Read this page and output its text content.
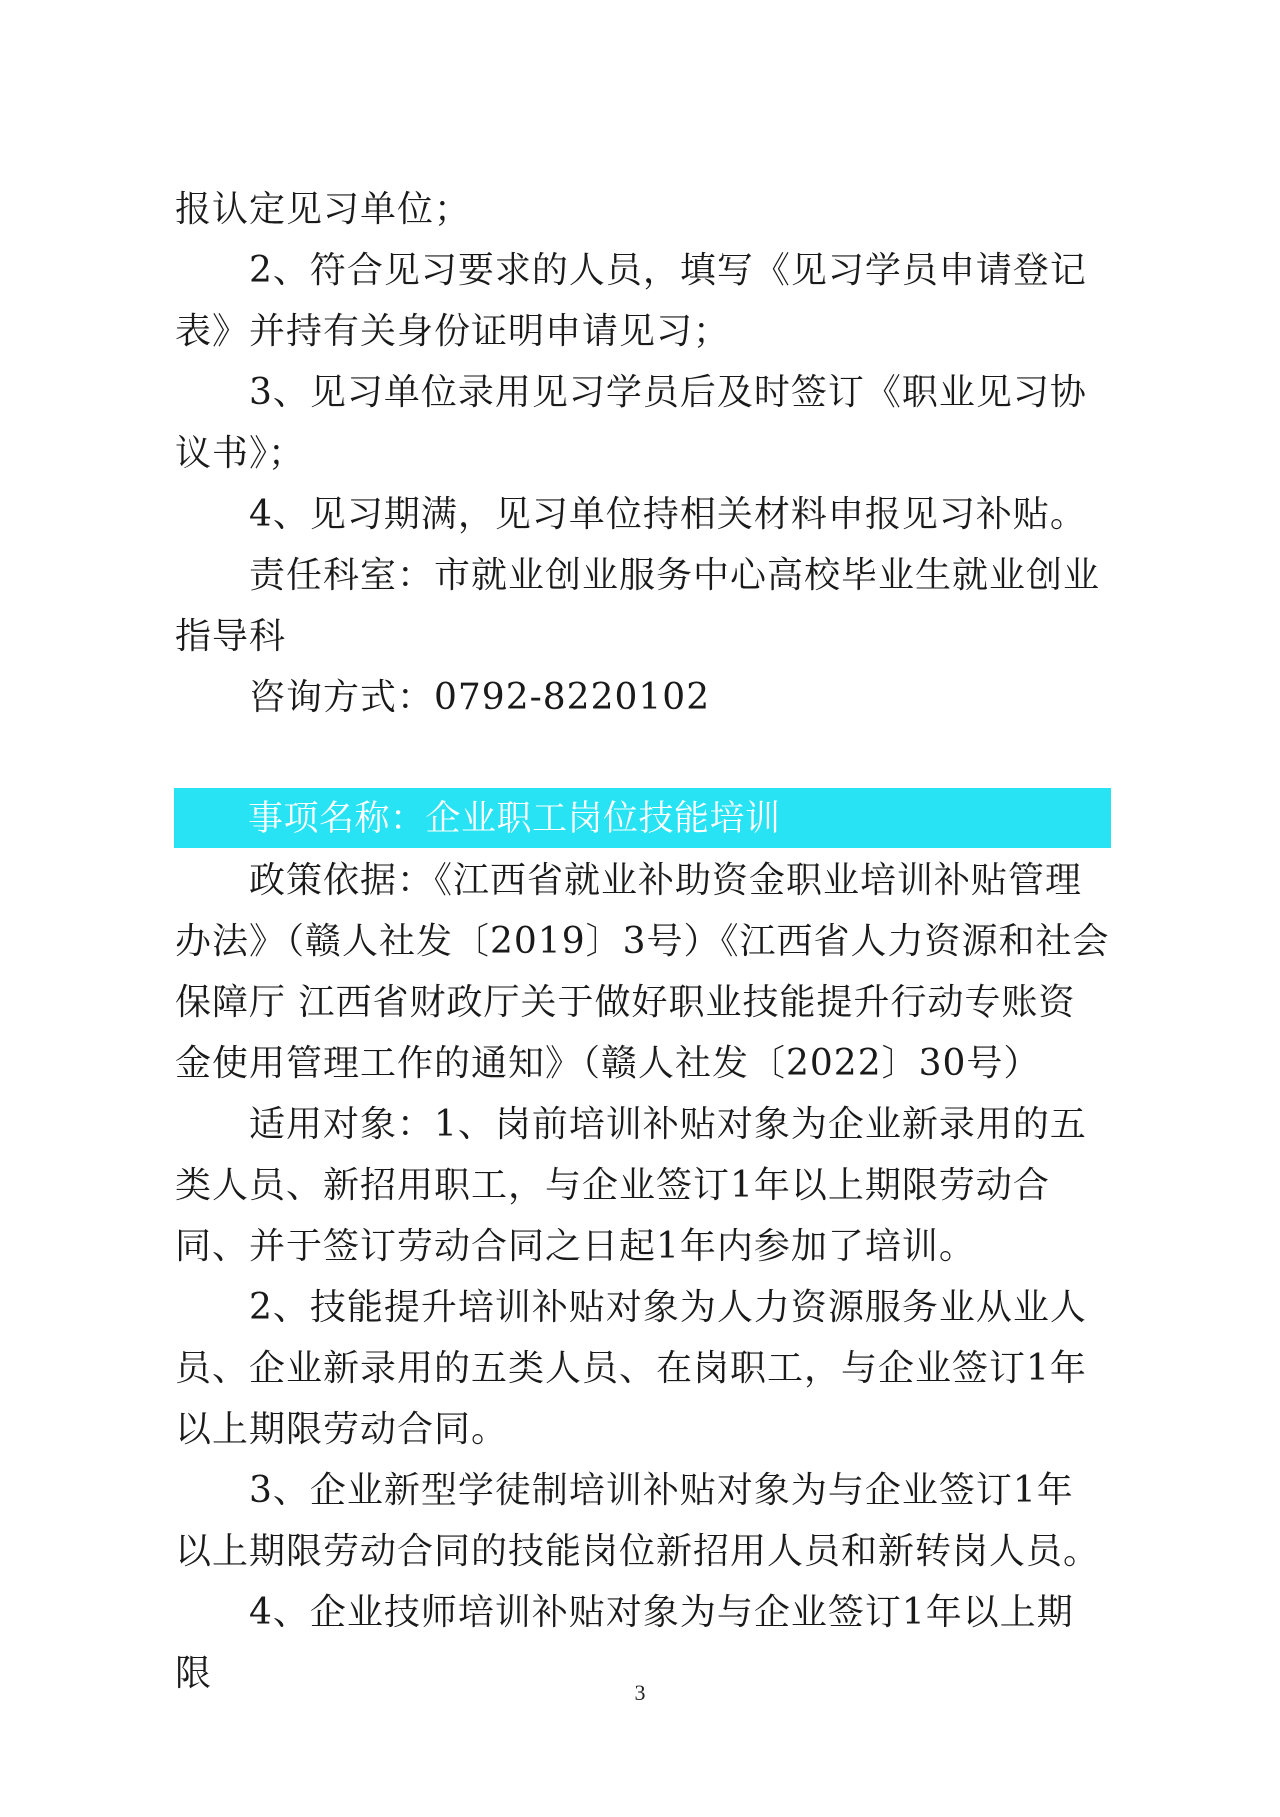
报认定见习单位；

2、符合见习要求的人员，填写《见习学员申请登记表》并持有关身份证明申请见习；

3、见习单位录用见习学员后及时签订《职业见习协议书》；

4、见习期满，见习单位持相关材料申报见习补贴。

责任科室：市就业创业服务中心高校毕业生就业创业指导科

咨询方式：0792-8220102

事项名称：企业职工岗位技能培训

政策依据：《江西省就业补助资金职业培训补贴管理办法》（赣人社发〔2019〕3号）《江西省人力资源和社会保障厅 江西省财政厅关于做好职业技能提升行动专账资金使用管理工作的通知》（赣人社发〔2022〕30号）

适用对象：1、岗前培训补贴对象为企业新录用的五类人员、新招用职工，与企业签订1年以上期限劳动合同、并于签订劳动合同之日起1年内参加了培训。

2、技能提升培训补贴对象为人力资源服务业从业人员、企业新录用的五类人员、在岗职工，与企业签订1年以上期限劳动合同。

3、企业新型学徒制培训补贴对象为与企业签订1年以上期限劳动合同的技能岗位新招用人员和新转岗人员。

4、企业技师培训补贴对象为与企业签订1年以上期限	3
